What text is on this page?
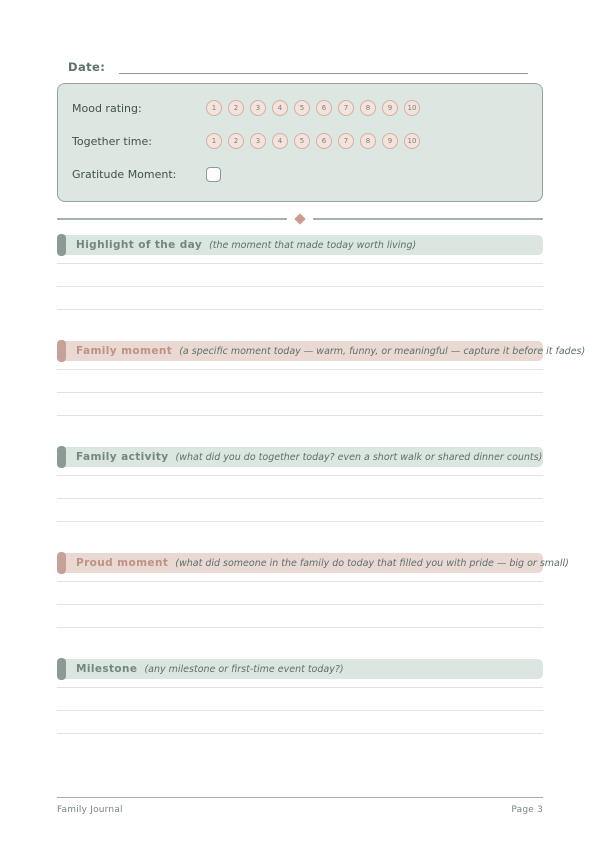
Date:
Mood rating:	1	2	3	4	5	6	7	8	9	10
Together time:	1	2	3	4	5	6	7	8	9	10
Gratitude Moment:
Highlight of the day (the moment that made today worth living)
Family moment (a specific moment today — warm, funny, or meaningful — capture it before it fades)
Family activity (what did you do together today? even a short walk or shared dinner counts)
Proud moment (what did someone in the family do today that filled you with pride — big or small)
Milestone (any milestone or first-time event today?)
Family Journal	Page 3
